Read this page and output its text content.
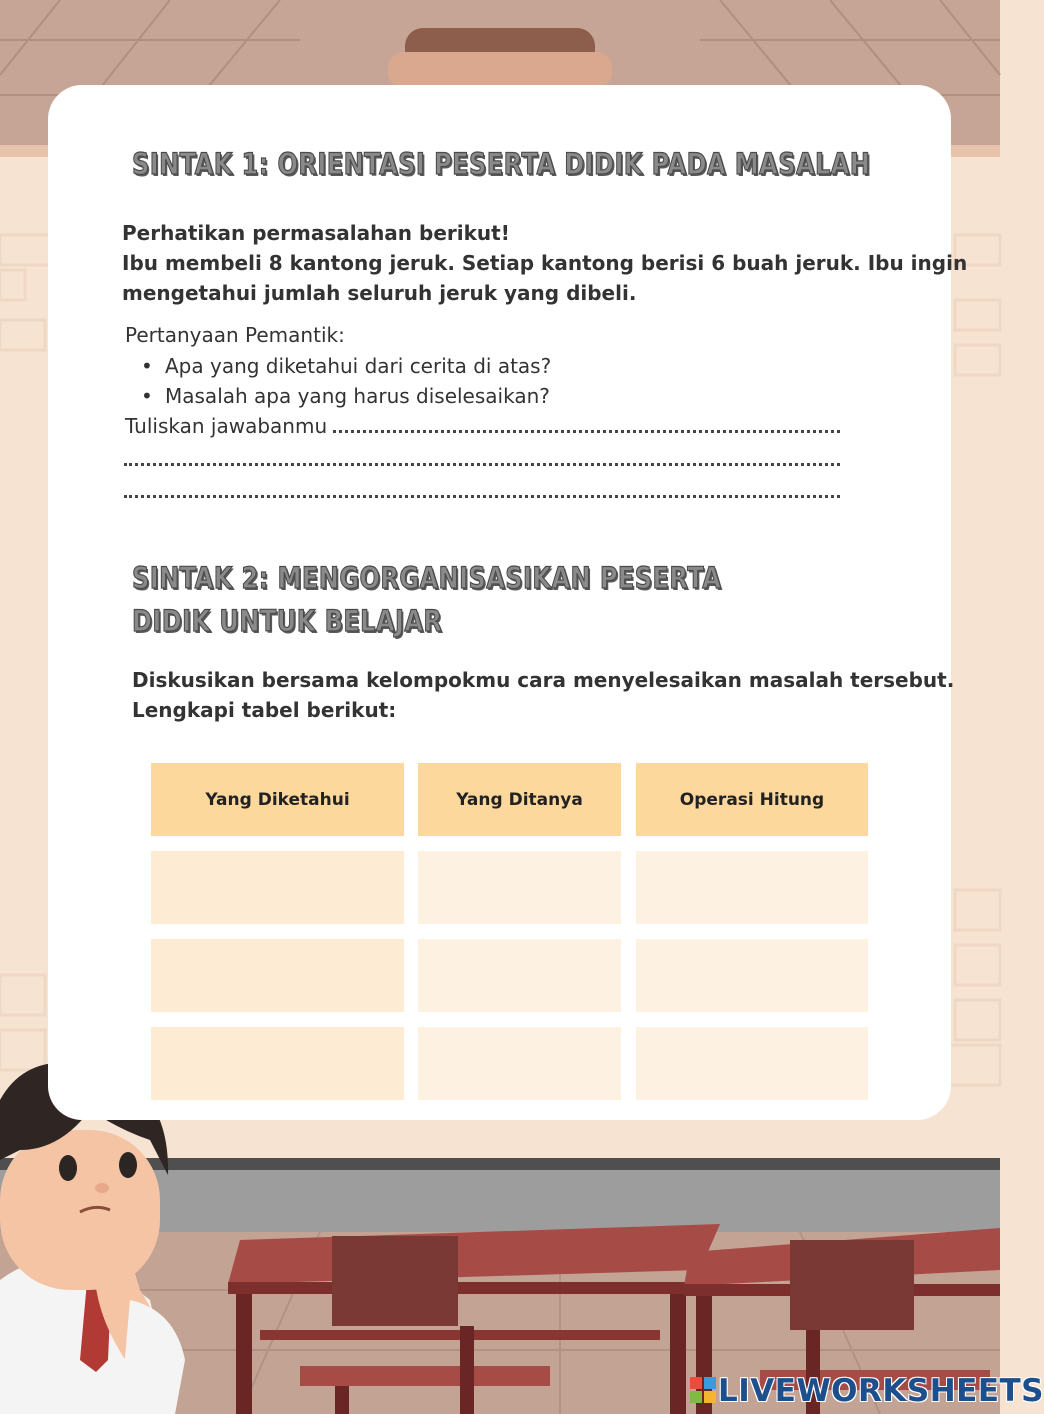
SINTAK 1: ORIENTASI PESERTA DIDIK PADA MASALAH
Perhatikan permasalahan berikut!
Ibu membeli 8 kantong jeruk. Setiap kantong berisi 6 buah jeruk. Ibu ingin
mengetahui jumlah seluruh jeruk yang dibeli.
Pertanyaan Pemantik:
• Apa yang diketahui dari cerita di atas?
• Masalah apa yang harus diselesaikan?
Tuliskan jawabanmu
SINTAK 2: MENGORGANISASIKAN PESERTA DIDIK UNTUK BELAJAR
Diskusikan bersama kelompokmu cara menyelesaikan masalah tersebut.
Lengkapi tabel berikut:
Yang Diketahui	Yang Ditanya	Operasi Hitung
LIVEWORKSHEETS
